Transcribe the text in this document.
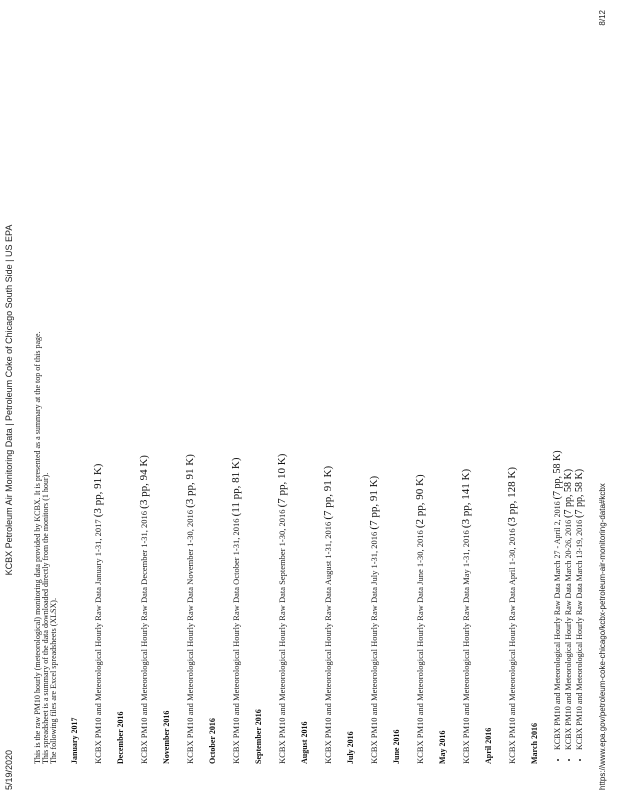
5/19/2020
KCBX Petroleum Air Monitoring Data | Petroleum Coke of Chicago South Side | US EPA This is the raw PM10 hourly (meteorological) monitoring data provided by KCBX. It is presented as a summary at the top of this page. This spreadsheet is a summary of the data downloaded directly from the monitors (1 hour). The following files are Excel spreadsheets (XLSX). January 2017 KCBX PM10 and Meteorological Hourly Raw Data January 1-31, 2017 (3 pp, 91 K)
December 2016 KCBX PM10 and Meteorological Hourly Raw Data December 1-31, 2016 (3 pp, 94 K)
November 2016 KCBX PM10 and Meteorological Hourly Raw Data November 1-30, 2016 (3 pp, 91 K)
October 2016 KCBX PM10 and Meteorological Hourly Raw Data October 1-31, 2016 (11 pp, 81 K)
September 2016 KCBX PM10 and Meteorological Hourly Raw Data September 1-30, 2016 (7 pp, 10 K)
August 2016 KCBX PM10 and Meteorological Hourly Raw Data August 1-31, 2016 (7 pp, 91 K)
July 2016 KCBX PM10 and Meteorological Hourly Raw Data July 1-31, 2016 (7 pp, 91 K)
June 2016 KCBX PM10 and Meteorological Hourly Raw Data June 1-30, 2016 (2 pp, 90 K)
May 2016 KCBX PM10 and Meteorological Hourly Raw Data May 1-31, 2016 (3 pp, 141 K)
April 2016 KCBX PM10 and Meteorological Hourly Raw Data April 1-30, 2016 (3 pp, 128 K)
March 2016
• KCBX PM10 and Meteorological Hourly Raw Data March 27 - April 2, 2016 (7 pp, 58 K)
• KCBX PM10 and Meteorological Hourly Raw Data March 20-26, 2016 (7 pp, 58 K)
• KCBX PM10 and Meteorological Hourly Raw Data March 13-19, 2016 (7 pp, 58 K) https://www.epa.gov/petroleum-coke-chicago/kcbx-petroleum-air-monitoring-data#kcbx
8/12
